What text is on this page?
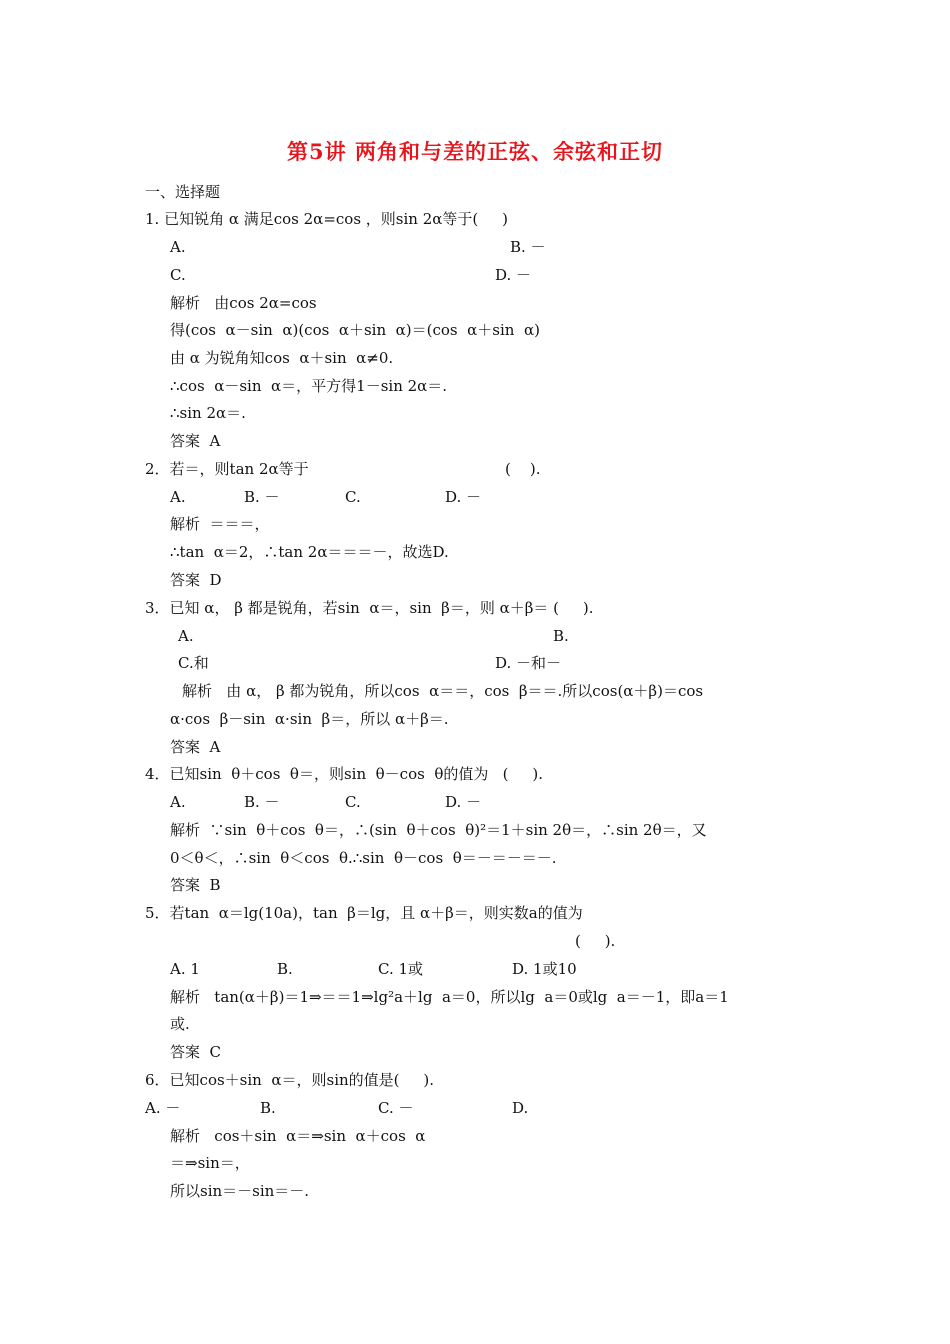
第5讲 两角和与差的正弦、余弦和正切
一、选择题
1. 已知锐角 α 满足cos 2α=cos ，则sin 2α等于(     )
A.	B. －
C.	D. －
解析   由cos 2α=cos
得(cos  α－sin  α)(cos  α＋sin  α)＝(cos  α＋sin  α)
由 α 为锐角知cos  α＋sin  α≠0.
∴cos  α－sin  α＝，平方得1－sin 2α＝.
∴sin 2α＝.
答案  A
2．若＝，则tan 2α等于	(    ).
A.	B. －	C.	D. －
解析  ＝＝＝，
∴tan  α＝2，∴tan 2α＝＝＝－，故选D.
答案  D
3．已知 α， β 都是锐角，若sin  α＝，sin  β＝，则 α＋β＝ (     ).
A.	B.
C.和	D. －和－
解析   由 α， β 都为锐角，所以cos  α＝＝，cos  β＝＝.所以cos(α＋β)＝cos
α·cos  β－sin  α·sin  β＝，所以 α＋β＝.
答案  A
4．已知sin  θ＋cos  θ＝，则sin  θ－cos  θ的值为   (     ).
A.	B. －	C.	D. －
解析  ∵sin  θ＋cos  θ＝，∴(sin  θ＋cos  θ)²＝1＋sin 2θ＝，∴sin 2θ＝，又
0＜θ＜，∴sin  θ＜cos  θ.∴sin  θ－cos  θ＝－＝－＝－.
答案  B
5．若tan  α＝lg(10a)，tan  β＝lg，且 α＋β＝，则实数a的值为
(     ).
A. 1	B.	C. 1或	D. 1或10
解析   tan(α＋β)＝1⇒＝＝1⇒lg²a＋lg  a＝0，所以lg  a＝0或lg  a＝－1，即a＝1
或.
答案  C
6．已知cos＋sin  α＝，则sin的值是(     ).
A. －	B.	C. －	D.
解析   cos＋sin  α＝⇒sin  α＋cos  α
＝⇒sin＝，
所以sin＝－sin＝－.
